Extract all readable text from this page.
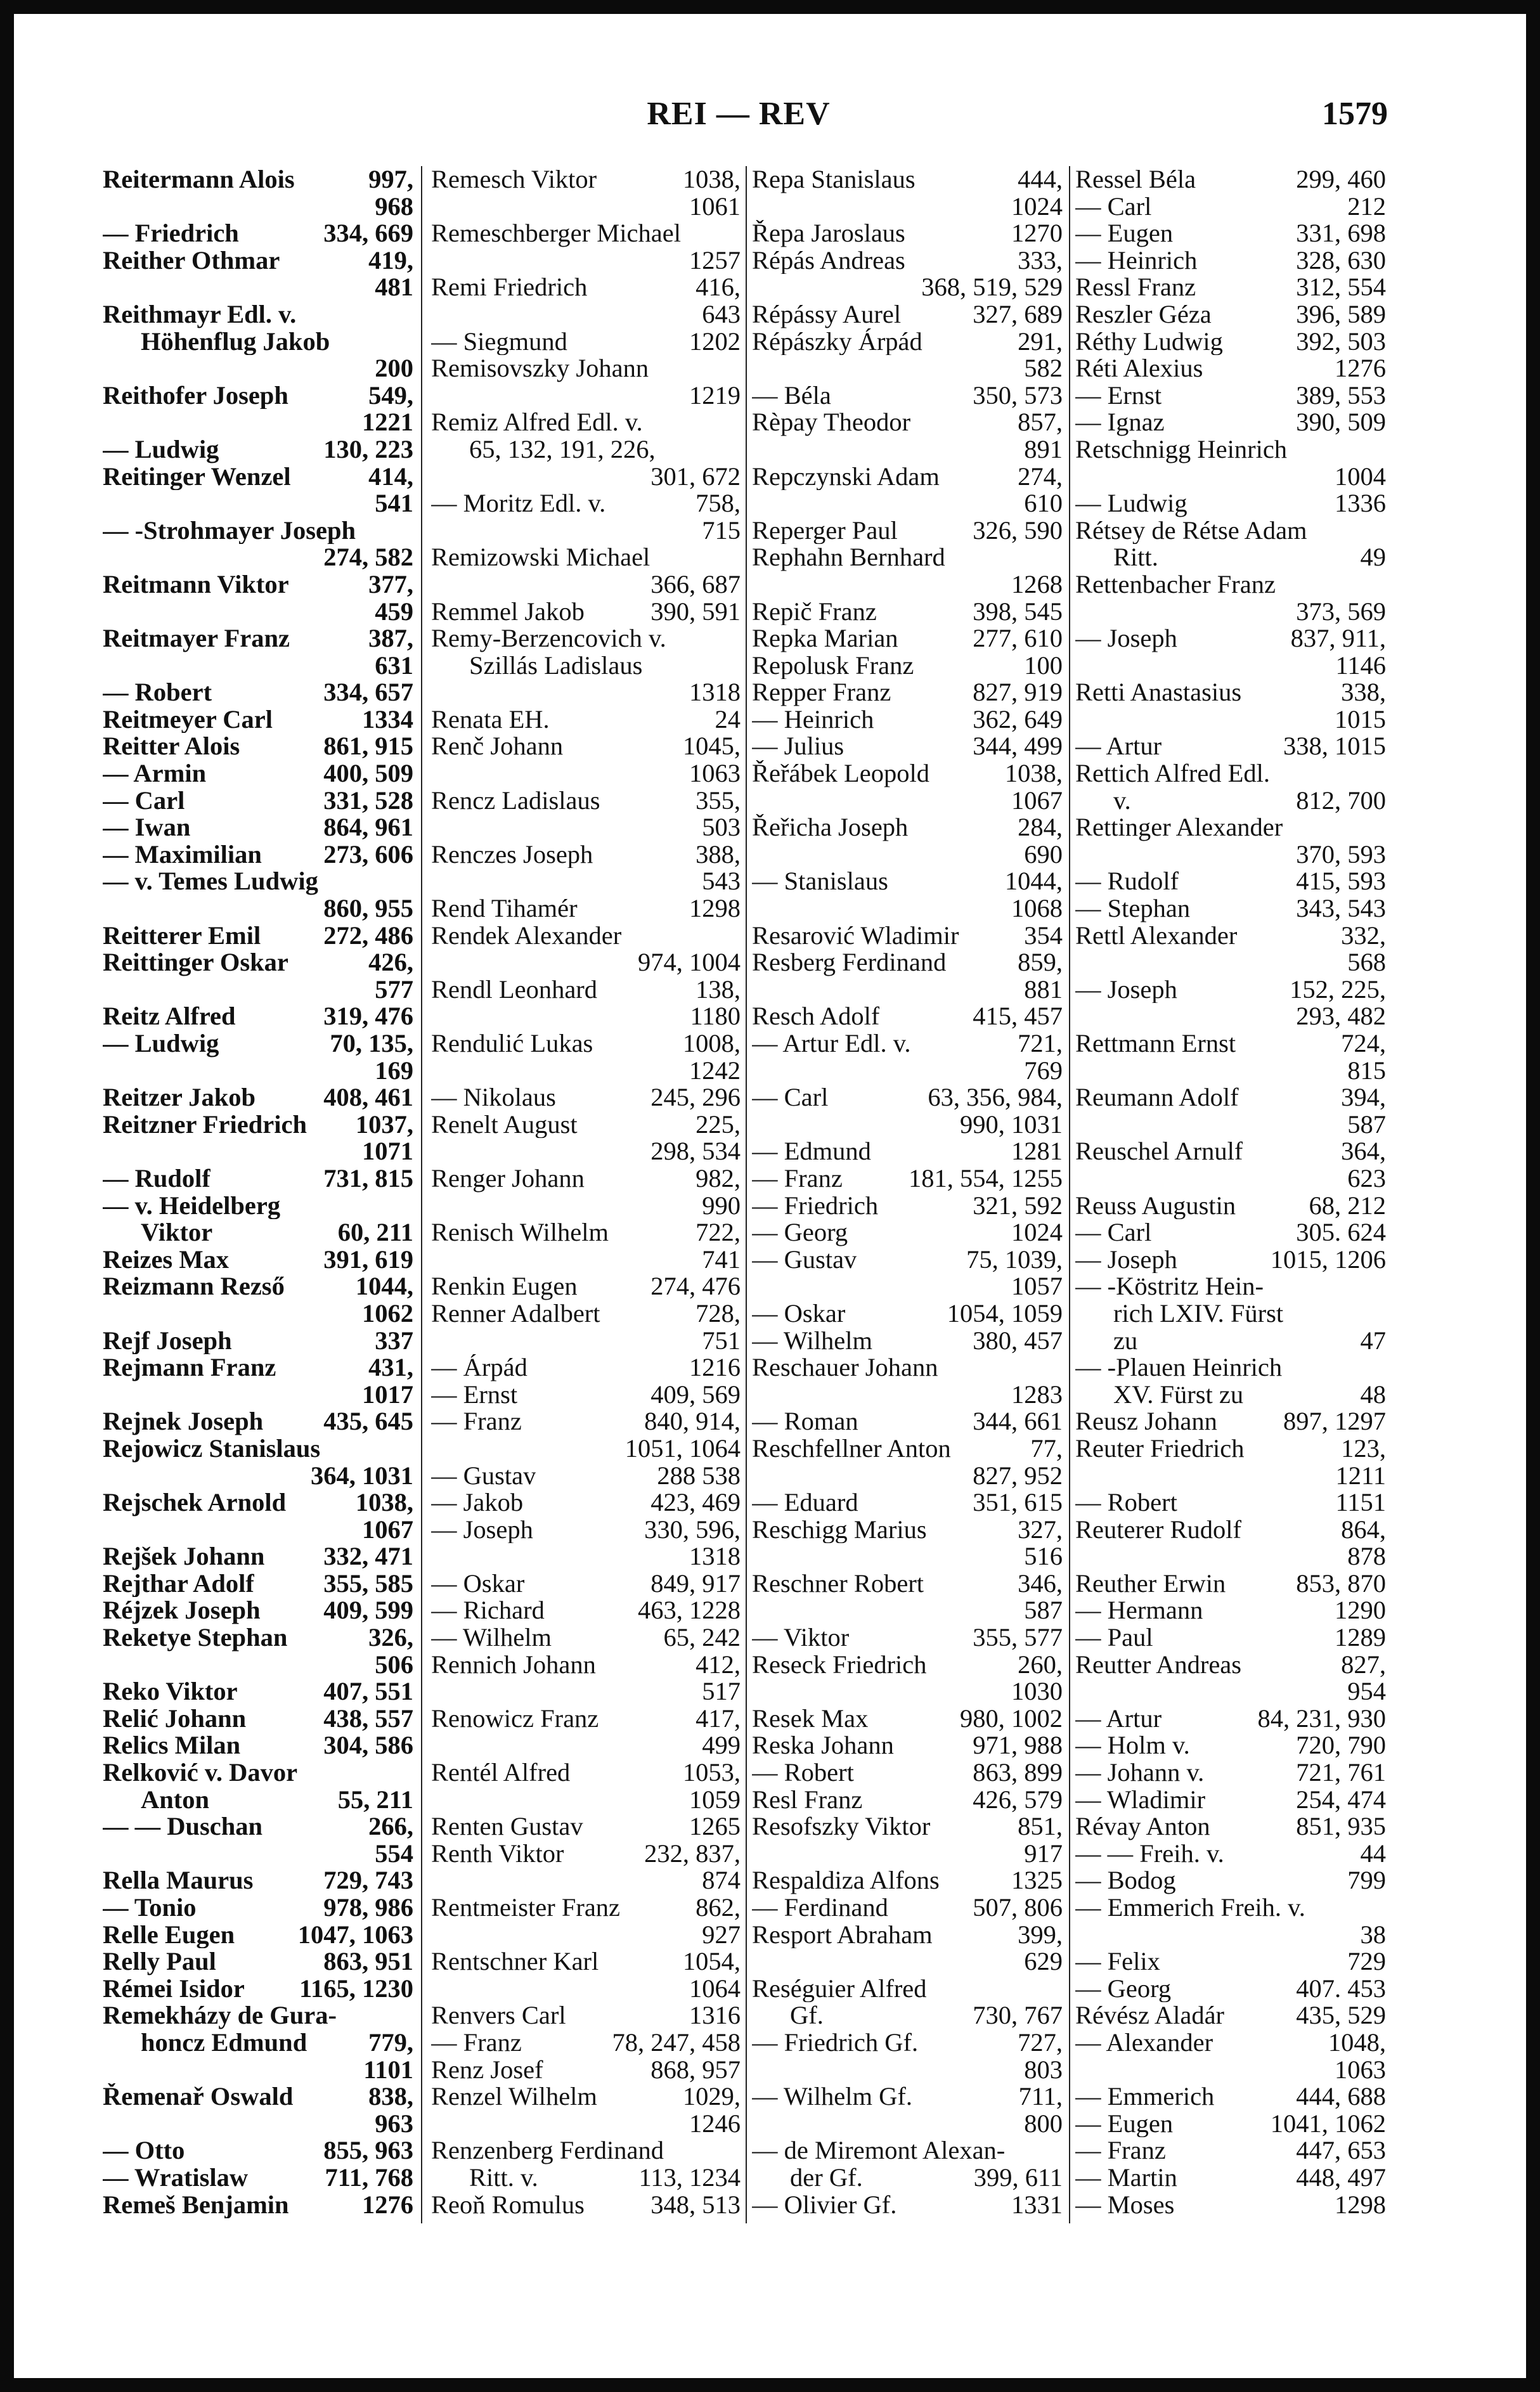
REI — REV	1579
Reitermann Alois	997,
968
— Friedrich	334, 669
Reither Othmar	419,
481
Reithmayr Edl. v.
Höhenflug Jakob
200
Reithofer Joseph	549,
1221
— Ludwig	130, 223
Reitinger Wenzel	414,
541
— -Strohmayer Joseph
274, 582
Reitmann Viktor	377,
459
Reitmayer Franz	387,
631
— Robert	334, 657
Reitmeyer Carl	1334
Reitter Alois	861, 915
— Armin	400, 509
— Carl	331, 528
— Iwan	864, 961
— Maximilian 273, 606
— v. Temes Ludwig
860, 955
Reitterer Emil 272, 486
Reittinger Oskar	426,
577
Reitz Alfred	319, 476
— Ludwig	70, 135,
169
Reitzer Jakob	408, 461
Reitzner Friedrich 1037,
1071
— Rudolf	731, 815
— v. Heidelberg
Viktor	60, 211
Reizes Max	391, 619
Reizmann Rezső	1044,
1062
Rejf Joseph	337
Rejmann Franz	431,
1017
Rejnek Joseph 435, 645
Rejowicz Stanislaus
364, 1031
Rejschek Arnold	1038,
1067
Rejšek Johann 332, 471
Rejthar Adolf	355, 585
Réjzek Joseph 409, 599
Reketye Stephan	326,
506
Reko Viktor	407, 551
Relić Johann	438, 557
Relics Milan	304, 586
Relković v. Davor
Anton	55, 211
— — Duschan	266,
554
Rella Maurus	729, 743
— Tonio	978, 986
Relle Eugen 1047, 1063
Relly Paul	863, 951
Rémei Isidor 1165, 1230
Remekházy de Gura-
honcz Edmund 779,
1101
Řemenař Oswald	838,
963
— Otto	855, 963
— Wratislaw	711, 768
Remeš Benjamin	1276
Remesch Viktor	1038,
1061
Remeschberger Michael
1257
Remi Friedrich	416,
643
— Siegmund	1202
Remisovszky Johann
1219
Remiz Alfred Edl. v.
65, 132, 191, 226,
301, 672
— Moritz Edl. v.	758,
715
Remizowski Michael
366, 687
Remmel Jakob	390, 591
Remy-Berzencovich v.
Szillás Ladislaus
1318
Renata EH.	24
Renč Johann	1045,
1063
Rencz Ladislaus	355,
503
Renczes Joseph	388,
543
Rend Tihamér	1298
Rendek Alexander
974, 1004
Rendl Leonhard	138,
1180
Rendulić Lukas	1008,
1242
— Nikolaus	245, 296
Renelt August	225,
298, 534
Renger Johann	982,
990
Renisch Wilhelm	722,
741
Renkin Eugen	274, 476
Renner Adalbert	728,
751
— Árpád	1216
— Ernst	409, 569
— Franz	840, 914,
1051, 1064
— Gustav	288 538
— Jakob	423, 469
— Joseph	330, 596,
1318
— Oskar	849, 917
— Richard	463, 1228
— Wilhelm	65, 242
Rennich Johann	412,
517
Renowicz Franz	417,
499
Rentél Alfred	1053,
1059
Renten Gustav	1265
Renth Viktor	232, 837,
874
Rentmeister Franz	862,
927
Rentschner Karl	1054,
1064
Renvers Carl	1316
— Franz	78, 247, 458
Renz Josef	868, 957
Renzel Wilhelm	1029,
1246
Renzenberg Ferdinand
Ritt. v.	113, 1234
Reoň Romulus	348, 513
Repa Stanislaus	444,
1024
Řepa Jaroslaus	1270
Répás Andreas	333,
368, 519, 529
Répássy Aurel	327, 689
Répászky Árpád	291,
582
— Béla	350, 573
Rèpay Theodor	857,
891
Repczynski Adam	274,
610
Reperger Paul	326, 590
Rephahn Bernhard
1268
Repič Franz	398, 545
Repka Marian	277, 610
Repolusk Franz	100
Repper Franz	827, 919
— Heinrich	362, 649
— Julius	344, 499
Řeřábek Leopold	1038,
1067
Řeřicha Joseph	284,
690
— Stanislaus	1044,
1068
Resarović Wladimir	354
Resberg Ferdinand	859,
881
Resch Adolf	415, 457
— Artur Edl. v.	721,
769
— Carl	63, 356, 984,
990, 1031
— Edmund	1281
— Franz	181, 554, 1255
— Friedrich	321, 592
— Georg	1024
— Gustav	75, 1039,
1057
— Oskar	1054, 1059
— Wilhelm	380, 457
Reschauer Johann
1283
— Roman	344, 661
Reschfellner Anton	77,
827, 952
— Eduard	351, 615
Reschigg Marius	327,
516
Reschner Robert	346,
587
— Viktor	355, 577
Reseck Friedrich	260,
1030
Resek Max	980, 1002
Reska Johann	971, 988
— Robert	863, 899
Resl Franz	426, 579
Resofszky Viktor	851,
917
Respaldiza Alfons	1325
— Ferdinand	507, 806
Resport Abraham	399,
629
Reséguier Alfred
Gf.	730, 767
— Friedrich Gf.	727,
803
— Wilhelm Gf.	711,
800
— de Miremont Alexan-
der Gf.	399, 611
— Olivier Gf.	1331
Ressel Béla	299, 460
— Carl	212
— Eugen	331, 698
— Heinrich	328, 630
Ressl Franz	312, 554
Reszler Géza	396, 589
Réthy Ludwig	392, 503
Réti Alexius	1276
— Ernst	389, 553
— Ignaz	390, 509
Retschnigg Heinrich
1004
— Ludwig	1336
Rétsey de Rétse Adam
Ritt.	49
Rettenbacher Franz
373, 569
— Joseph	837, 911,
1146
Retti Anastasius	338,
1015
— Artur	338, 1015
Rettich Alfred Edl.
v.	812, 700
Rettinger Alexander
370, 593
— Rudolf	415, 593
— Stephan	343, 543
Rettl Alexander	332,
568
— Joseph	152, 225,
293, 482
Rettmann Ernst	724,
815
Reumann Adolf	394,
587
Reuschel Arnulf	364,
623
Reuss Augustin	68, 212
— Carl	305. 624
— Joseph	1015, 1206
— -Köstritz Hein-
rich LXIV. Fürst
zu	47
— -Plauen Heinrich
XV. Fürst zu	48
Reusz Johann	897, 1297
Reuter Friedrich	123,
1211
— Robert	1151
Reuterer Rudolf	864,
878
Reuther Erwin	853, 870
— Hermann	1290
— Paul	1289
Reutter Andreas	827,
954
— Artur	84, 231, 930
— Holm v.	720, 790
— Johann v.	721, 761
— Wladimir	254, 474
Révay Anton	851, 935
— — Freih. v.	44
— Bodog	799
— Emmerich Freih. v.
38
— Felix	729
— Georg	407. 453
Révész Aladár	435, 529
— Alexander	1048,
1063
— Emmerich	444, 688
— Eugen	1041, 1062
— Franz	447, 653
— Martin	448, 497
— Moses	1298
